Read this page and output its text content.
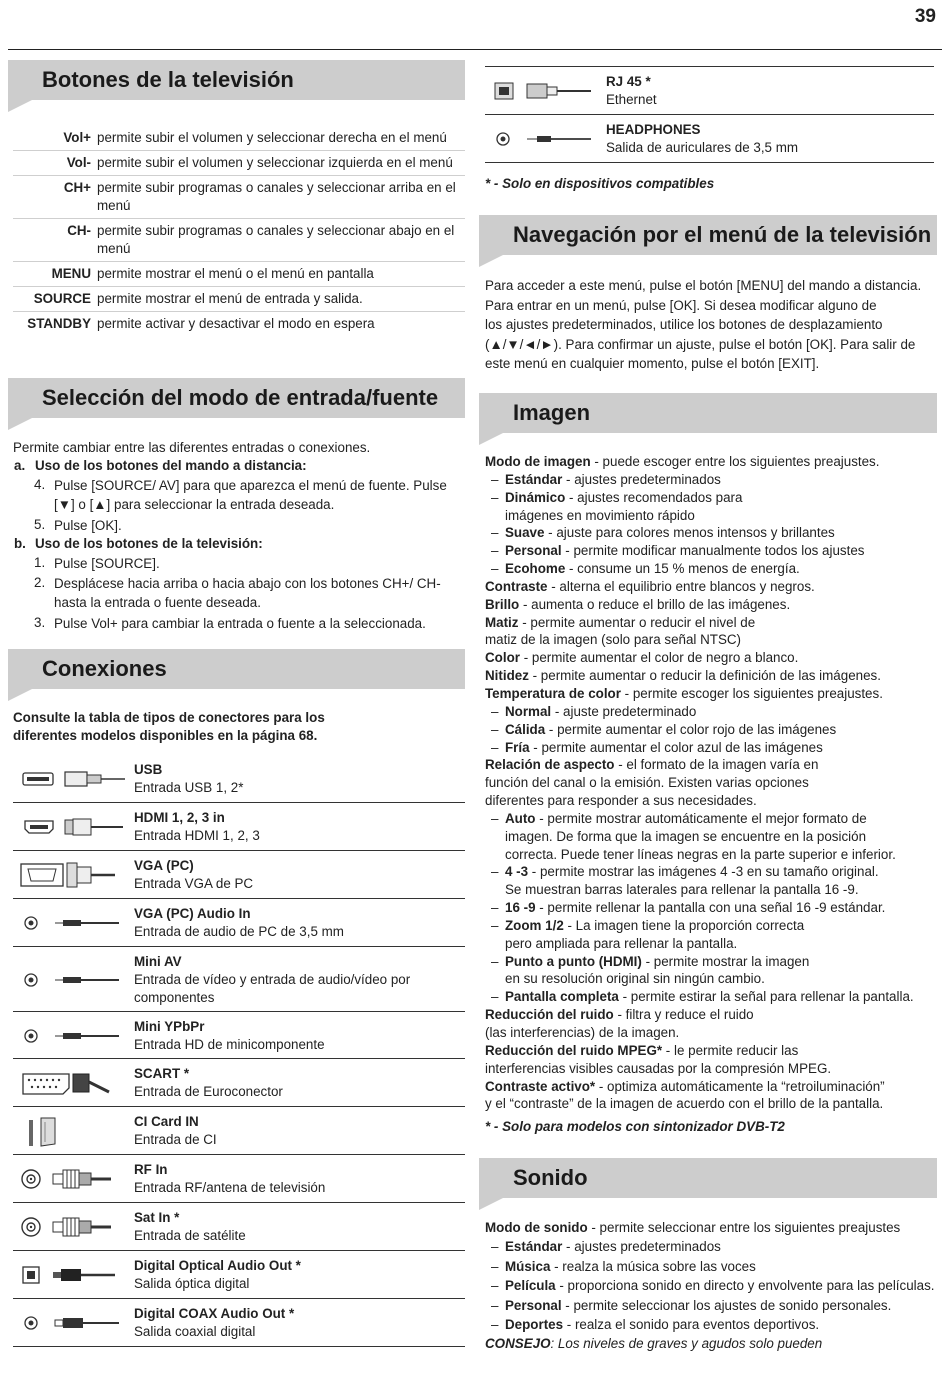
39
Botones de la televisión
Vol+ permite subir el volumen y seleccionar derecha en el menú
Vol- permite subir el volumen y seleccionar izquierda en el menú
CH+ permite subir programas o canales y seleccionar arriba en el menú
CH- permite subir programas o canales y seleccionar abajo en el menú
MENU permite mostrar el menú o el menú en pantalla
SOURCE permite mostrar el menú de entrada y salida.
STANDBY permite activar y desactivar el modo en espera
Selección del modo de entrada/fuente
Permite cambiar entre las diferentes entradas o conexiones.
a. Uso de los botones del mando a distancia:
4. Pulse [SOURCE/ AV] para que aparezca el menú de fuente. Pulse [▼] o [▲] para seleccionar la entrada deseada.
5. Pulse [OK].
b. Uso de los botones de la televisión:
1. Pulse [SOURCE].
2. Desplácese hacia arriba o hacia abajo con los botones CH+/ CH- hasta la entrada o fuente deseada.
3. Pulse Vol+ para cambiar la entrada o fuente a la seleccionada.
Conexiones
Consulte la tabla de tipos de conectores para los
diferentes modelos disponibles en la página 68.
USB
Entrada USB 1, 2*
HDMI 1, 2, 3 in
Entrada HDMI 1, 2, 3
VGA (PC)
Entrada VGA de PC
VGA (PC) Audio In
Entrada de audio de PC de 3,5 mm
Mini AV
Entrada de vídeo y entrada de audio/vídeo por componentes
Mini YPbPr
Entrada HD de minicomponente
SCART *
Entrada de Euroconector
CI Card IN
Entrada de CI
RF In
Entrada RF/antena de televisión
Sat In *
Entrada de satélite
Digital Optical Audio Out *
Salida óptica digital
Digital COAX Audio Out *
Salida coaxial digital
RJ 45 *
Ethernet
HEADPHONES
Salida de auriculares de 3,5 mm
* - Solo en dispositivos compatibles
Navegación por el menú de la televisión
Para acceder a este menú, pulse el botón [MENU] del mando a distancia.
Para entrar en un menú, pulse [OK]. Si desea modificar alguno de
los ajustes predeterminados, utilice los botones de desplazamiento
(▲/▼/◄/►). Para confirmar un ajuste, pulse el botón [OK]. Para salir de
este menú en cualquier momento, pulse el botón [EXIT].
Imagen
Modo de imagen - puede escoger entre los siguientes preajustes.
– Estándar - ajustes predeterminados
– Dinámico - ajustes recomendados para
imágenes en movimiento rápido
– Suave - ajuste para colores menos intensos y brillantes
– Personal - permite modificar manualmente todos los ajustes
– Ecohome - consume un 15 % menos de energía.
Contraste - alterna el equilibrio entre blancos y negros.
Brillo - aumenta o reduce el brillo de las imágenes.
Matiz - permite aumentar o reducir el nivel de
matiz de la imagen (solo para señal NTSC)
Color - permite aumentar el color de negro a blanco.
Nitidez - permite aumentar o reducir la definición de las imágenes.
Temperatura de color - permite escoger los siguientes preajustes.
– Normal - ajuste predeterminado
– Cálida - permite aumentar el color rojo de las imágenes
– Fría - permite aumentar el color azul de las imágenes
Relación de aspecto - el formato de la imagen varía en
función del canal o la emisión. Existen varias opciones
diferentes para responder a sus necesidades.
– Auto - permite mostrar automáticamente el mejor formato de
imagen. De forma que la imagen se encuentre en la posición
correcta. Puede tener líneas negras en la parte superior e inferior.
– 4 -3 - permite mostrar las imágenes 4 -3 en su tamaño original.
Se muestran barras laterales para rellenar la pantalla 16 -9.
– 16 -9 - permite rellenar la pantalla con una señal 16 -9 estándar.
– Zoom 1/2 - La imagen tiene la proporción correcta
pero ampliada para rellenar la pantalla.
– Punto a punto (HDMI) - permite mostrar la imagen
en su resolución original sin ningún cambio.
– Pantalla completa - permite estirar la señal para rellenar la pantalla.
Reducción del ruido - filtra y reduce el ruido
(las interferencias) de la imagen.
Reducción del ruido MPEG* - le permite reducir las
interferencias visibles causadas por la compresión MPEG.
Contraste activo* - optimiza automáticamente la “retroiluminación”
y el “contraste” de la imagen de acuerdo con el brillo de la pantalla.
* - Solo para modelos con sintonizador DVB-T2
Sonido
Modo de sonido - permite seleccionar entre los siguientes preajustes
– Estándar - ajustes predeterminados
– Música - realza la música sobre las voces
– Película - proporciona sonido en directo y envolvente para las películas.
– Personal - permite seleccionar los ajustes de sonido personales.
– Deportes - realza el sonido para eventos deportivos.
CONSEJO: Los niveles de graves y agudos solo pueden
